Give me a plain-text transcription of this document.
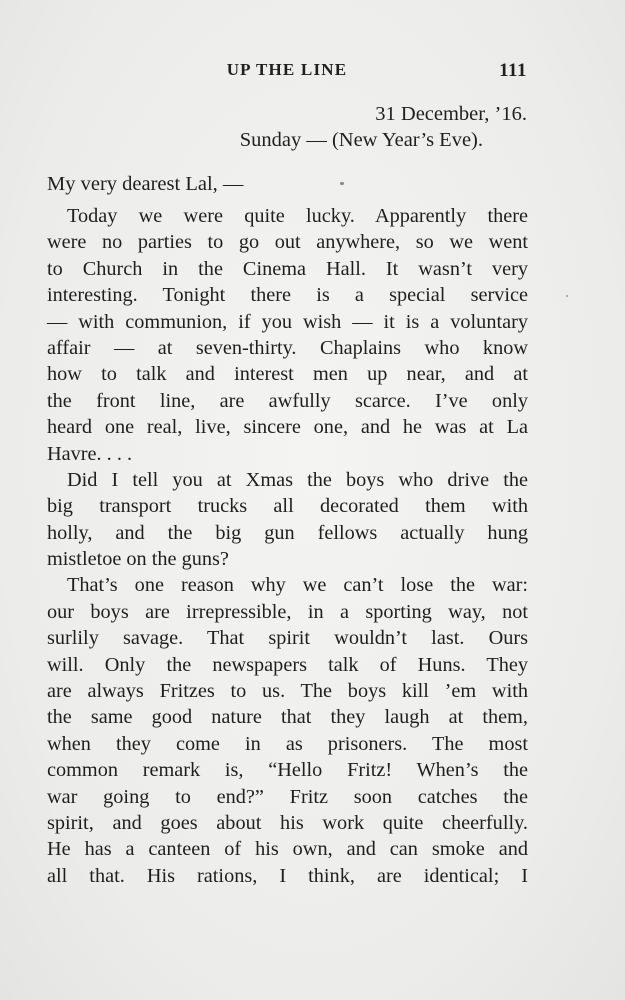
UP THE LINE	111
31 December, ’16.
Sunday — (New Year’s Eve).
My very dearest Lal, —
Today we were quite lucky. Apparently there
were no parties to go out anywhere, so we went
to Church in the Cinema Hall. It wasn’t very
interesting. Tonight there is a special service
— with communion, if you wish — it is a voluntary
affair — at seven-thirty. Chaplains who know
how to talk and interest men up near, and at
the front line, are awfully scarce. I’ve only
heard one real, live, sincere one, and he was at La
Havre. . . .
Did I tell you at Xmas the boys who drive the
big transport trucks all decorated them with
holly, and the big gun fellows actually hung
mistletoe on the guns?
That’s one reason why we can’t lose the war:
our boys are irrepressible, in a sporting way, not
surlily savage. That spirit wouldn’t last. Ours
will. Only the newspapers talk of Huns. They
are always Fritzes to us. The boys kill ’em with
the same good nature that they laugh at them,
when they come in as prisoners. The most
common remark is, “Hello Fritz! When’s the
war going to end?” Fritz soon catches the
spirit, and goes about his work quite cheerfully.
He has a canteen of his own, and can smoke and
all that. His rations, I think, are identical; I
